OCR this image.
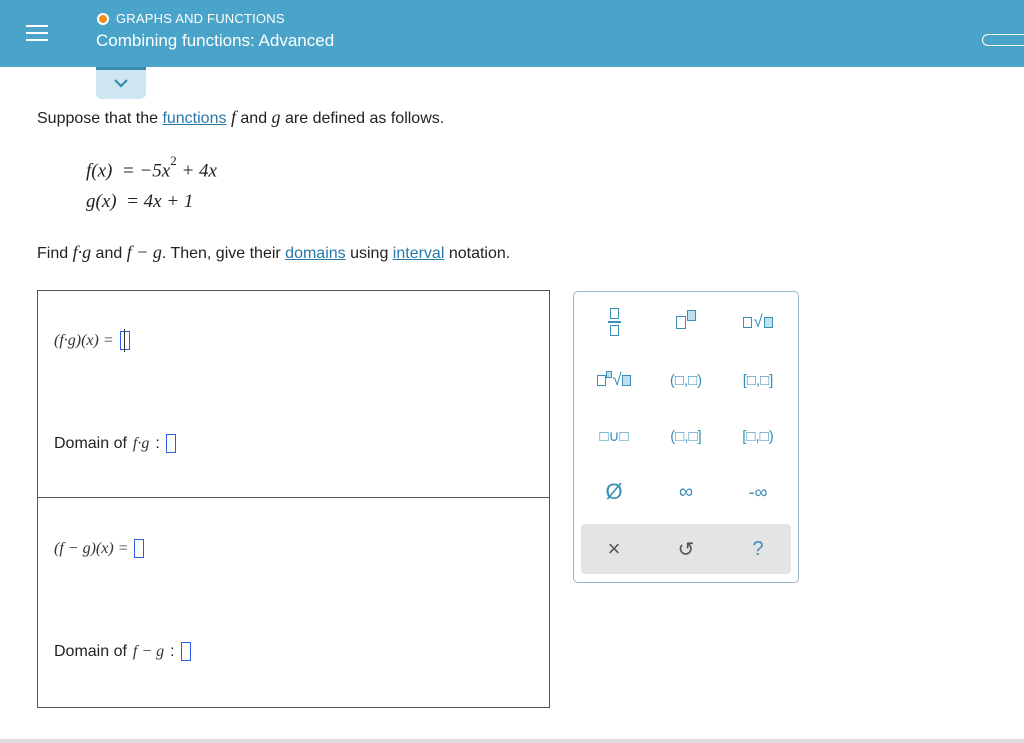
GRAPHS AND FUNCTIONS
Combining functions: Advanced
Suppose that the functions f and g are defined as follows.
$f(x) = -5x^2 + 4x$
g(x)  = 4x + 1
Find f·g and f − g. Then, give their domains using interval notation.
(f·g)(x) =
Domain of f·g :
(f − g)(x) =
Domain of f − g :
√
√	(□,□)	[□,□]
□∪□	(□,□]	[□,□)
Ø	∞	-∞
×	↺	?
